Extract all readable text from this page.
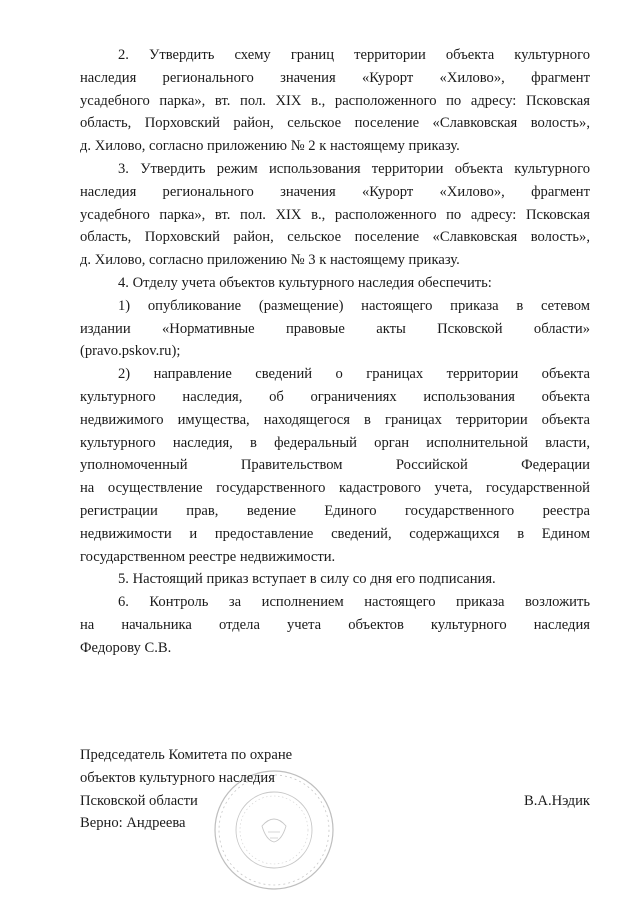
2. Утвердить схему границ территории объекта культурного
наследия регионального значения «Курорт «Хилово», фрагмент
усадебного парка», вт. пол. XIX в., расположенного по адресу: Псковская
область, Порховский район, сельское поселение «Славковская волость»,
д. Хилово, согласно приложению № 2 к настоящему приказу.
3. Утвердить режим использования территории объекта культурного
наследия регионального значения «Курорт «Хилово», фрагмент
усадебного парка», вт. пол. XIX в., расположенного по адресу: Псковская
область, Порховский район, сельское поселение «Славковская волость»,
д. Хилово, согласно приложению № 3 к настоящему приказу.
4. Отделу учета объектов культурного наследия обеспечить:
1) опубликование (размещение) настоящего приказа в сетевом
издании «Нормативные правовые акты Псковской области»
(pravo.pskov.ru);
2) направление сведений о границах территории объекта
культурного наследия, об ограничениях использования объекта
недвижимого имущества, находящегося в границах территории объекта
культурного наследия, в федеральный орган исполнительной власти,
уполномоченный Правительством Российской Федерации
на осуществление государственного кадастрового учета, государственной
регистрации прав, ведение Единого государственного реестра
недвижимости и предоставление сведений, содержащихся в Едином
государственном реестре недвижимости.
5. Настоящий приказ вступает в силу со дня его подписания.
6. Контроль за исполнением настоящего приказа возложить
на начальника отдела учета объектов культурного наследия
Федорову С.В.
Председатель Комитета по охране
объектов культурного наследия
Псковской области
Верно: Андреева
В.А.Нэдик
